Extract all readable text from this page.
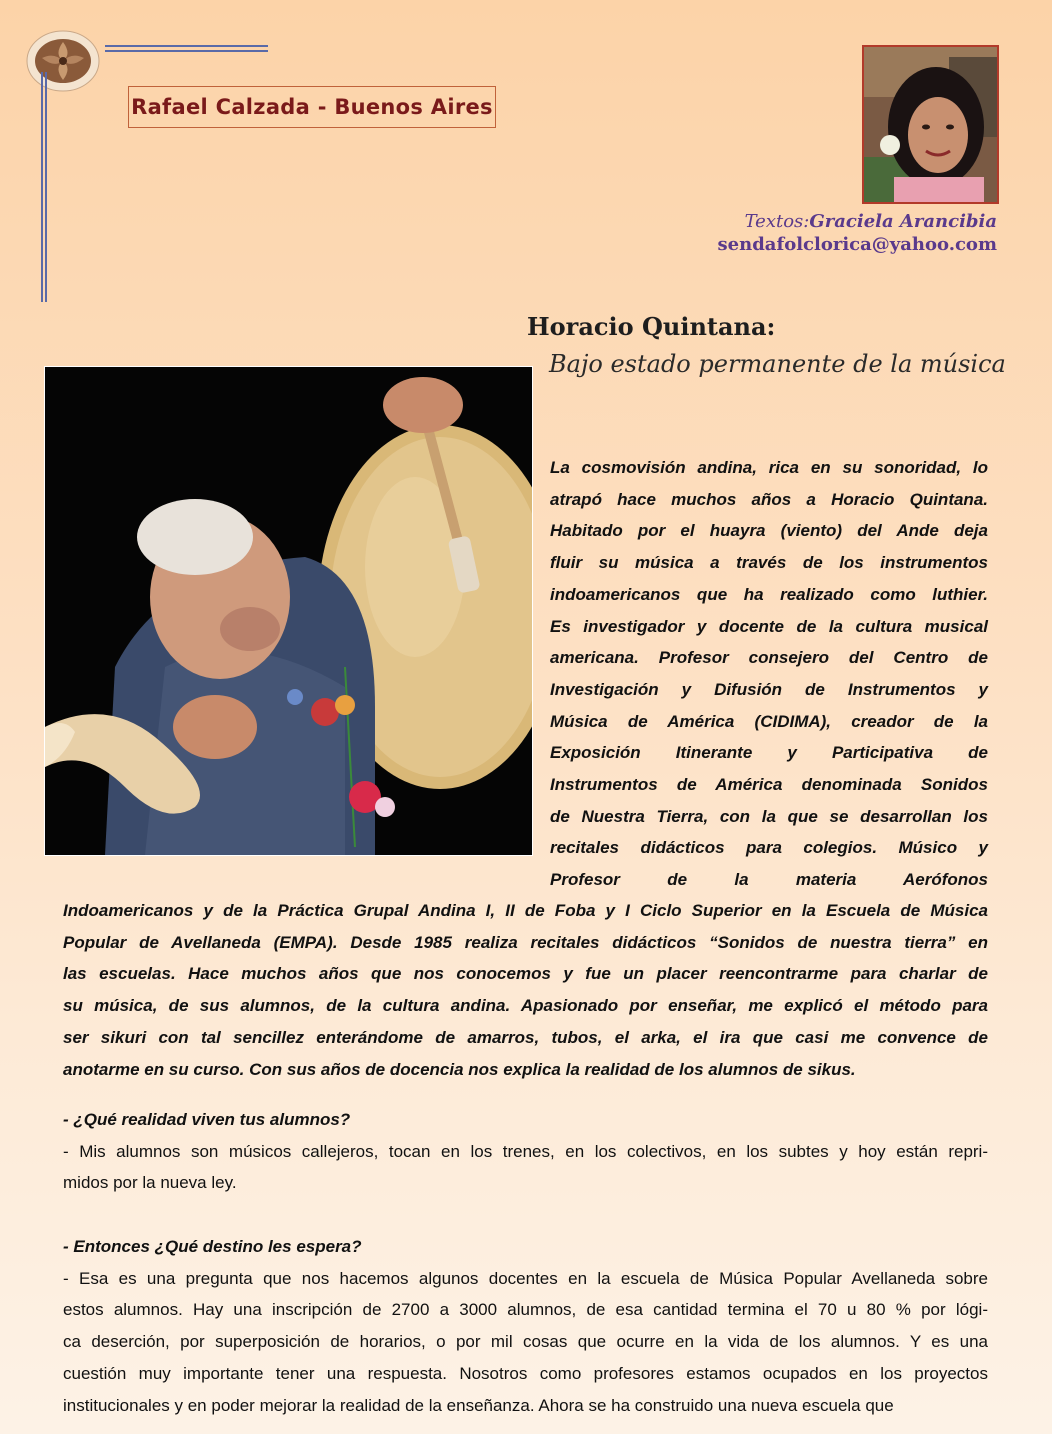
Rafael Calzada - Buenos Aires
Textos:Graciela Arancibia
sendafolclorica@yahoo.com
Horacio Quintana:
Bajo estado permanente de la música
La cosmovisión andina, rica en su sonoridad, lo
atrapó hace muchos años a Horacio Quintana.
Habitado por el huayra (viento) del Ande deja
fluir su música a través de los instrumentos
indoamericanos que ha realizado como luthier.
Es investigador y docente de la cultura musical
americana. Profesor consejero del Centro de
Investigación y Difusión de Instrumentos y
Música de América (CIDIMA), creador de la
Exposición Itinerante y Participativa de
Instrumentos de América denominada Sonidos
de Nuestra Tierra, con la que se desarrollan los
recitales didácticos para colegios. Músico y
Profesor de la materia Aerófonos
Indoamericanos y de la Práctica Grupal Andina I, II de Foba y I Ciclo Superior en la Escuela de Música
Popular de Avellaneda (EMPA). Desde 1985 realiza recitales didácticos “Sonidos de nuestra tierra” en
las escuelas. Hace muchos años que nos conocemos y fue un placer reencontrarme para charlar de
su música, de sus alumnos, de la cultura andina. Apasionado por enseñar, me explicó el método para
ser sikuri con tal sencillez enterándome de amarros, tubos, el arka, el ira que casi me convence de
anotarme en su curso. Con sus años de docencia nos explica la realidad de los alumnos de sikus.
- ¿Qué realidad viven tus alumnos?
- Mis alumnos son músicos callejeros, tocan en los trenes, en los colectivos, en los subtes y hoy están repri-
midos por la nueva ley.
- Entonces ¿Qué destino les espera?
- Esa es una pregunta que nos hacemos algunos docentes en la escuela de Música Popular Avellaneda sobre
estos alumnos. Hay una inscripción de 2700 a 3000 alumnos, de esa cantidad termina el 70 u 80 % por lógi-
ca deserción, por superposición de horarios, o por mil cosas que ocurre en la vida de los alumnos. Y es una
cuestión muy importante tener una respuesta. Nosotros como profesores estamos ocupados en los proyectos
institucionales y en poder mejorar la realidad de la enseñanza. Ahora se ha construido una nueva escuela que
